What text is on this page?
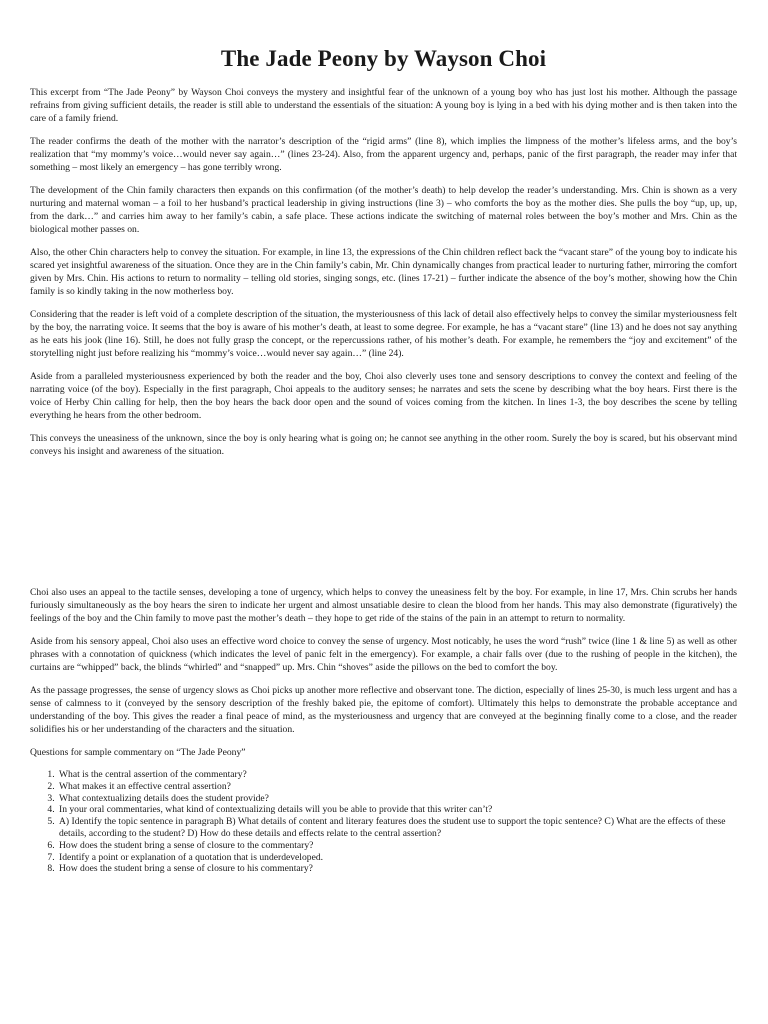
The Jade Peony by Wayson Choi

This excerpt from “The Jade Peony” by Wayson Choi conveys the mystery and insightful fear of the unknown of a young boy who has just lost his mother. Although the passage refrains from giving sufficient details, the reader is still able to understand the essentials of the situation: A young boy is lying in a bed with his dying mother and is then taken into the care of a family friend.

The reader confirms the death of the mother with the narrator’s description of the “rigid arms” (line 8), which implies the limpness of the mother’s lifeless arms, and the boy’s realization that “my mommy’s voice…would never say again…” (lines 23-24). Also, from the apparent urgency and, perhaps, panic of the first paragraph, the reader may infer that something – most likely an emergency – has gone terribly wrong.

The development of the Chin family characters then expands on this confirmation (of the mother’s death) to help develop the reader’s understanding. Mrs. Chin is shown as a very nurturing and maternal woman – a foil to her husband’s practical leadership in giving instructions (line 3) – who comforts the boy as the mother dies. She pulls the boy “up, up, up, from the dark…” and carries him away to her family’s cabin, a safe place. These actions indicate the switching of maternal roles between the boy’s mother and Mrs. Chin as the biological mother passes on.

Also, the other Chin characters help to convey the situation. For example, in line 13, the expressions of the Chin children reflect back the “vacant stare” of the young boy to indicate his scared yet insightful awareness of the situation. Once they are in the Chin family’s cabin, Mr. Chin dynamically changes from practical leader to nurturing father, mirroring the comfort given by Mrs. Chin. His actions to return to normality – telling old stories, singing songs, etc. (lines 17-21) – further indicate the absence of the boy’s mother, showing how the Chin family is so kindly taking in the now motherless boy.

Considering that the reader is left void of a complete description of the situation, the mysteriousness of this lack of detail also effectively helps to convey the similar mysteriousness felt by the boy, the narrating voice. It seems that the boy is aware of his mother’s death, at least to some degree. For example, he has a “vacant stare” (line 13) and he does not say anything as he eats his jook (line 16). Still, he does not fully grasp the concept, or the repercussions rather, of his mother’s death. For example, he remembers the “joy and excitement” of the storytelling night just before realizing his “mommy’s voice…would never say again…” (line 24).

Aside from a paralleled mysteriousness experienced by both the reader and the boy, Choi also cleverly uses tone and sensory descriptions to convey the context and feeling of the narrating voice (of the boy). Especially in the first paragraph, Choi appeals to the auditory senses; he narrates and sets the scene by describing what the boy hears. First there is the voice of Herby Chin calling for help, then the boy hears the back door open and the sound of voices coming from the kitchen. In lines 1-3, the boy describes the scene by telling everything he hears from the other bedroom.

This conveys the uneasiness of the unknown, since the boy is only hearing what is going on; he cannot see anything in the other room. Surely the boy is scared, but his observant mind conveys his insight and awareness of the situation.

Choi also uses an appeal to the tactile senses, developing a tone of urgency, which helps to convey the uneasiness felt by the boy. For example, in line 17, Mrs. Chin scrubs her hands furiously simultaneously as the boy hears the siren to indicate her urgent and almost unsatiable desire to clean the blood from her hands. This may also demonstrate (figuratively) the feelings of the boy and the Chin family to move past the mother’s death – they hope to get ride of the stains of the pain in an attempt to return to normality.

Aside from his sensory appeal, Choi also uses an effective word choice to convey the sense of urgency. Most noticably, he uses the word “rush” twice (line 1 & line 5) as well as other phrases with a connotation of quickness (which indicates the level of panic felt in the emergency). For example, a chair falls over (due to the rushing of people in the kitchen), the curtains are “whipped” back, the blinds “whirled” and “snapped” up. Mrs. Chin “shoves” aside the pillows on the bed to comfort the boy.

As the passage progresses, the sense of urgency slows as Choi picks up another more reflective and observant tone. The diction, especially of lines 25-30, is much less urgent and has a sense of calmness to it (conveyed by the sensory description of the freshly baked pie, the epitome of comfort). Ultimately this helps to demonstrate the probable acceptance and understanding of the boy. This gives the reader a final peace of mind, as the mysteriousness and urgency that are conveyed at the beginning finally come to a close, and the reader solidifies his or her understanding of the characters and the situation.

Questions for sample commentary on “The Jade Peony”

1. What is the central assertion of the commentary?
2. What makes it an effective central assertion?
3. What contextualizing details does the student provide?
4. In your oral commentaries, what kind of contextualizing details will you be able to provide that this writer can’t?
5. A) Identify the topic sentence in paragraph B) What details of content and literary features does the student use to support the topic sentence? C) What are the effects of these details, according to the student? D) How do these details and effects relate to the central assertion?
6. How does the student bring a sense of closure to the commentary?
7. Identify a point or explanation of a quotation that is underdeveloped.
8. How does the student bring a sense of closure to his commentary?
